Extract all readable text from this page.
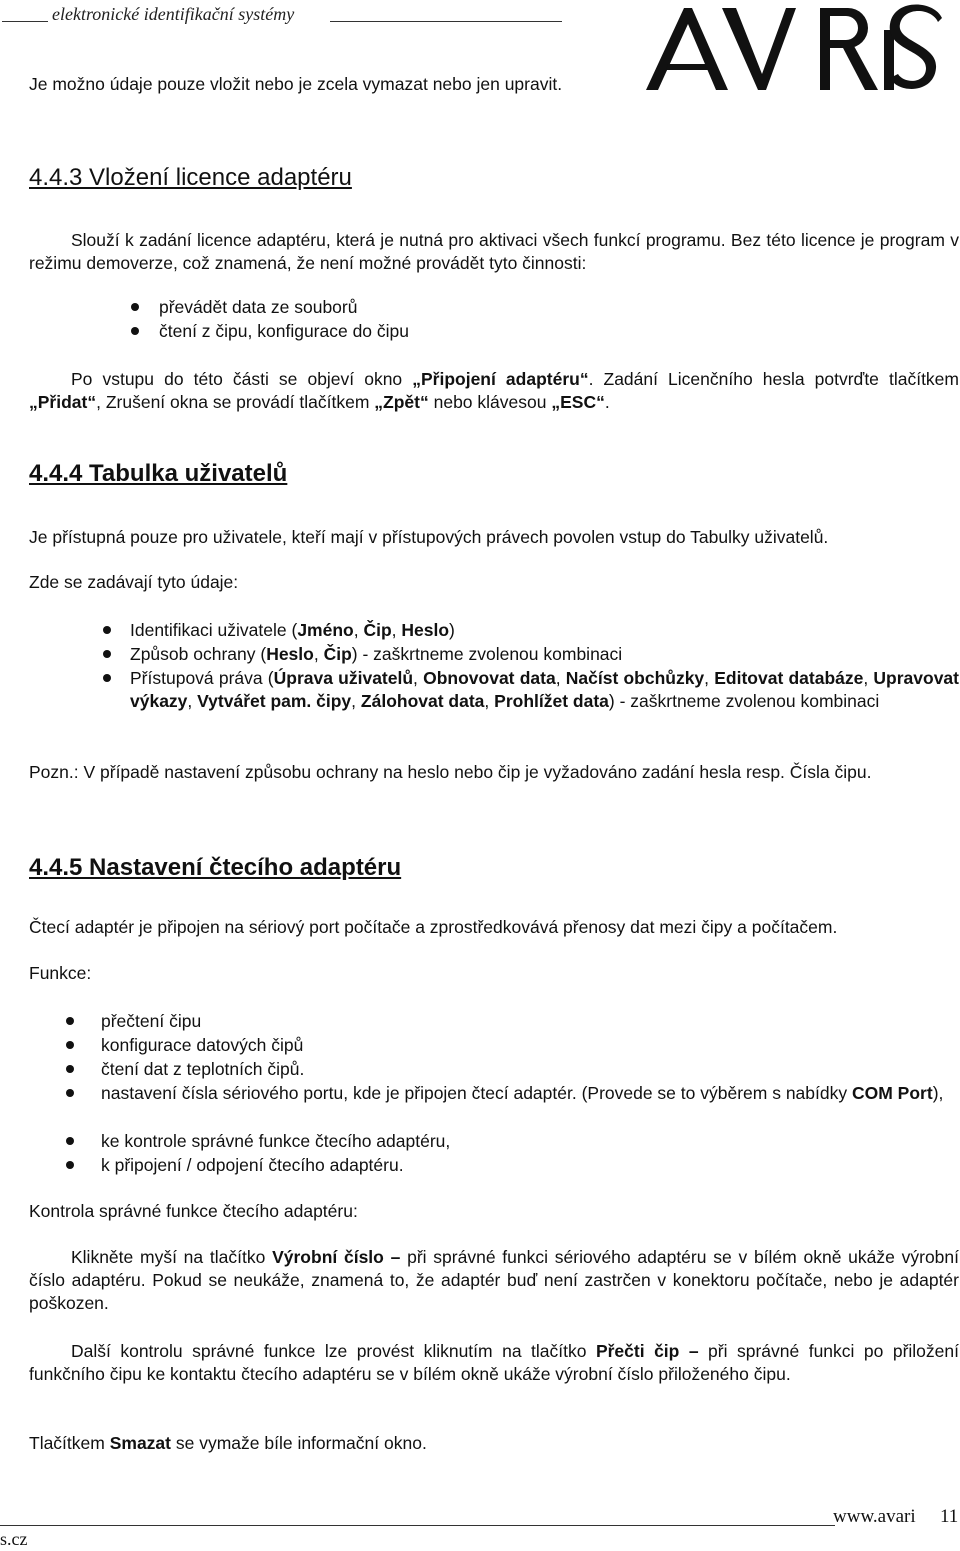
elektronické identifikační systémy
Je možno údaje pouze vložit nebo je zcela vymazat nebo jen upravit.
4.4.3 Vložení licence adaptéru
Slouží k zadání licence adaptéru, která je nutná pro aktivaci všech funkcí programu. Bez této licence je program v režimu demoverze, což znamená, že není možné provádět tyto činnosti:
převádět data ze souborů
čtení z čipu, konfigurace do čipu
Po vstupu do této části se objeví okno „Připojení adaptéru“. Zadání Licenčního hesla potvrďte tlačítkem „Přidat“, Zrušení okna se provádí tlačítkem „Zpět“ nebo klávesou „ESC“.
4.4.4 Tabulka uživatelů
Je přístupná pouze pro uživatele, kteří mají v přístupových právech povolen vstup do Tabulky uživatelů.
Zde se zadávají tyto údaje:
Identifikaci uživatele (Jméno, Čip, Heslo)
Způsob ochrany (Heslo, Čip) - zaškrtneme zvolenou kombinaci
Přístupová práva (Úprava uživatelů, Obnovovat data, Načíst obchůzky, Editovat databáze, Upravovat výkazy, Vytvářet pam. čipy, Zálohovat data, Prohlížet data) - zaškrtneme zvolenou kombinaci
Pozn.: V případě nastavení způsobu ochrany na heslo nebo čip je vyžadováno zadání hesla resp. Čísla čipu.
4.4.5 Nastavení čtecího adaptéru
Čtecí adaptér je připojen na sériový port počítače a zprostředkovává přenosy dat mezi čipy a počítačem.
Funkce:
přečtení čipu
konfigurace datových čipů
čtení dat z teplotních čipů.
nastavení čísla sériového portu, kde je připojen čtecí adaptér. (Provede se to výběrem s nabídky COM Port),
ke kontrole správné funkce čtecího adaptéru,
k připojení / odpojení čtecího adaptéru.
Kontrola správné funkce čtecího adaptéru:
Klikněte myší na tlačítko Výrobní číslo – při správné funkci sériového adaptéru se v bílém okně ukáže výrobní číslo adaptéru. Pokud se neukáže, znamená to, že adaptér buď není zastrčen v konektoru počítače, nebo je adaptér poškozen.
Další kontrolu správné funkce lze provést kliknutím na tlačítko Přečti čip – při správné funkci po přiložení funkčního čipu ke kontaktu čtecího adaptéru se v bílém okně ukáže výrobní číslo přiloženého čipu.
Tlačítkem Smazat se vymaže bíle informační okno.
www.avari 11
s.cz
